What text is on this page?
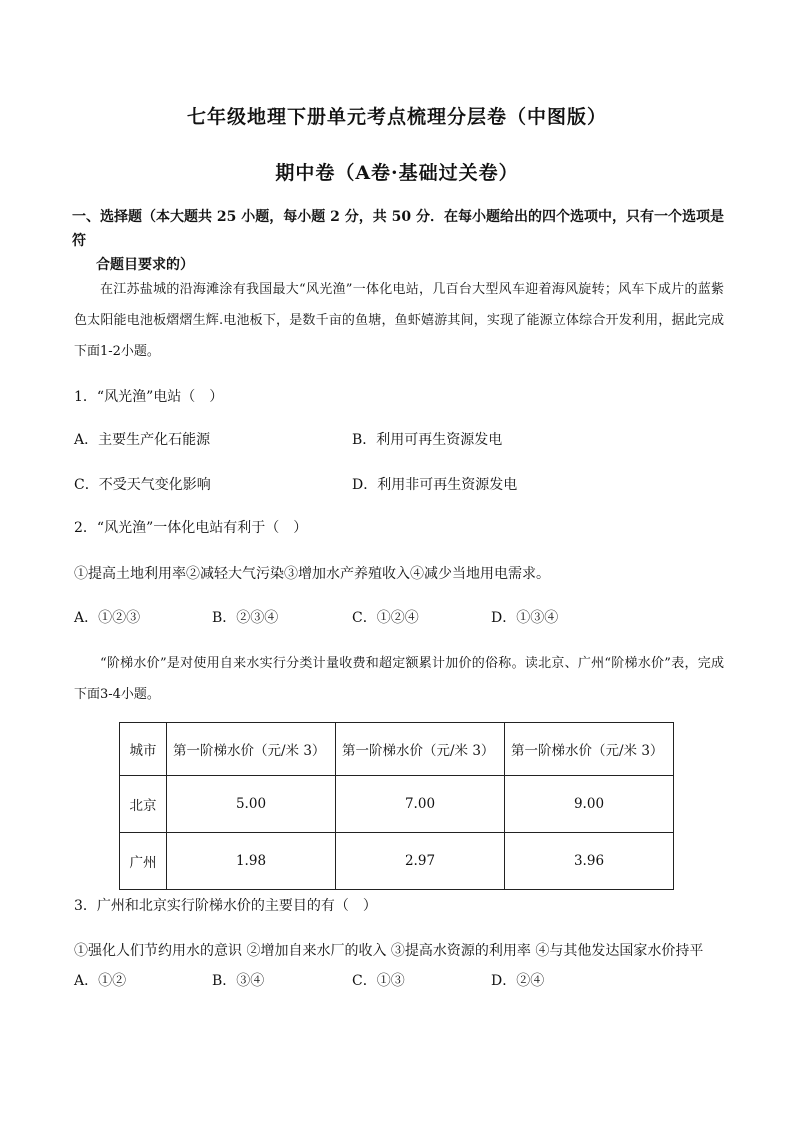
七年级地理下册单元考点梳理分层卷（中图版）
期中卷（A卷·基础过关卷）
一、选择题（本大题共 25 小题，每小题 2 分，共 50 分．在每小题给出的四个选项中，只有一个选项是符
合题目要求的）
在江苏盐城的沿海滩涂有我国最大“风光渔”一体化电站，几百台大型风车迎着海风旋转；风车下成片的蓝紫色太阳能电池板熠熠生辉.电池板下，是数千亩的鱼塘，鱼虾嬉游其间，实现了能源立体综合开发利用，据此完成下面1-2小题。
1．“风光渔”电站（　）
A．主要生产化石能源	B．利用可再生资源发电
C．不受天气变化影响	D．利用非可再生资源发电
2．“风光渔”一体化电站有利于（　）
①提高土地利用率②减轻大气污染③增加水产养殖收入④减少当地用电需求。
A．①②③	B．②③④	C．①②④	D．①③④
“阶梯水价”是对使用自来水实行分类计量收费和超定额累计加价的俗称。读北京、广州“阶梯水价”表，完成下面3-4小题。
城市	第一阶梯水价（元/米 3）	第一阶梯水价（元/米 3）	第一阶梯水价（元/米 3）
北京	5.00	7.00	9.00
广州	1.98	2.97	3.96
3．广州和北京实行阶梯水价的主要目的有（　）
①强化人们节约用水的意识 ②增加自来水厂的收入 ③提高水资源的利用率 ④与其他发达国家水价持平
A．①②	B．③④	C．①③	D．②④
